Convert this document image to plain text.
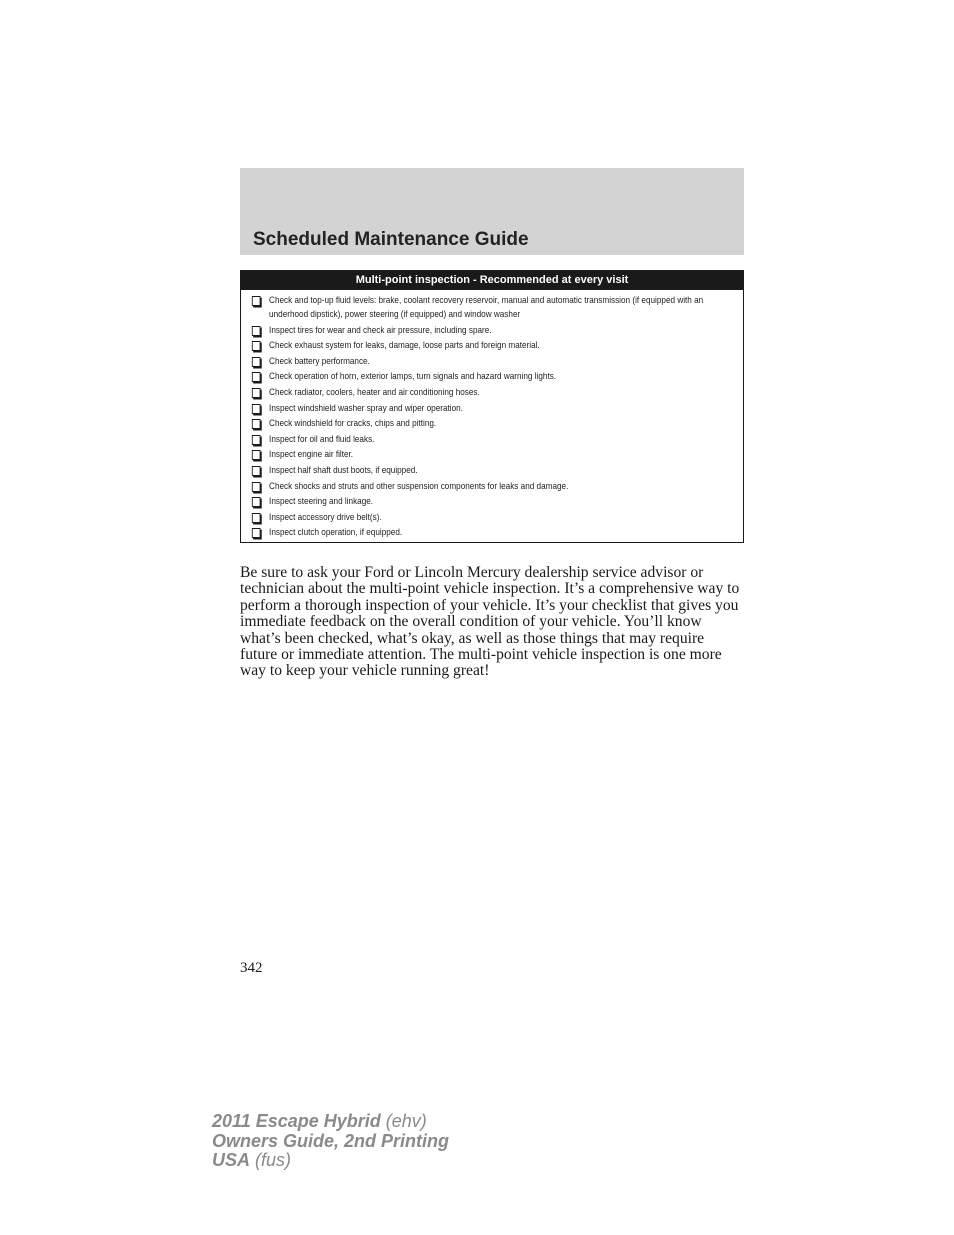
Scheduled Maintenance Guide
Multi-point inspection - Recommended at every visit
Check and top-up fluid levels: brake, coolant recovery reservoir, manual and automatic transmission (if equipped with an underhood dipstick), power steering (if equipped) and window washer
Inspect tires for wear and check air pressure, including spare.
Check exhaust system for leaks, damage, loose parts and foreign material.
Check battery performance.
Check operation of horn, exterior lamps, turn signals and hazard warning lights.
Check radiator, coolers, heater and air conditioning hoses.
Inspect windshield washer spray and wiper operation.
Check windshield for cracks, chips and pitting.
Inspect for oil and fluid leaks.
Inspect engine air filter.
Inspect half shaft dust boots, if equipped.
Check shocks and struts and other suspension components for leaks and damage.
Inspect steering and linkage.
Inspect accessory drive belt(s).
Inspect clutch operation, if equipped.

Be sure to ask your Ford or Lincoln Mercury dealership service advisor or technician about the multi-point vehicle inspection. It’s a comprehensive way to perform a thorough inspection of your vehicle. It’s your checklist that gives you immediate feedback on the overall condition of your vehicle. You’ll know what’s been checked, what’s okay, as well as those things that may require future or immediate attention. The multi-point vehicle inspection is one more way to keep your vehicle running great!

342
2011 Escape Hybrid (ehv)
Owners Guide, 2nd Printing
USA (fus)
